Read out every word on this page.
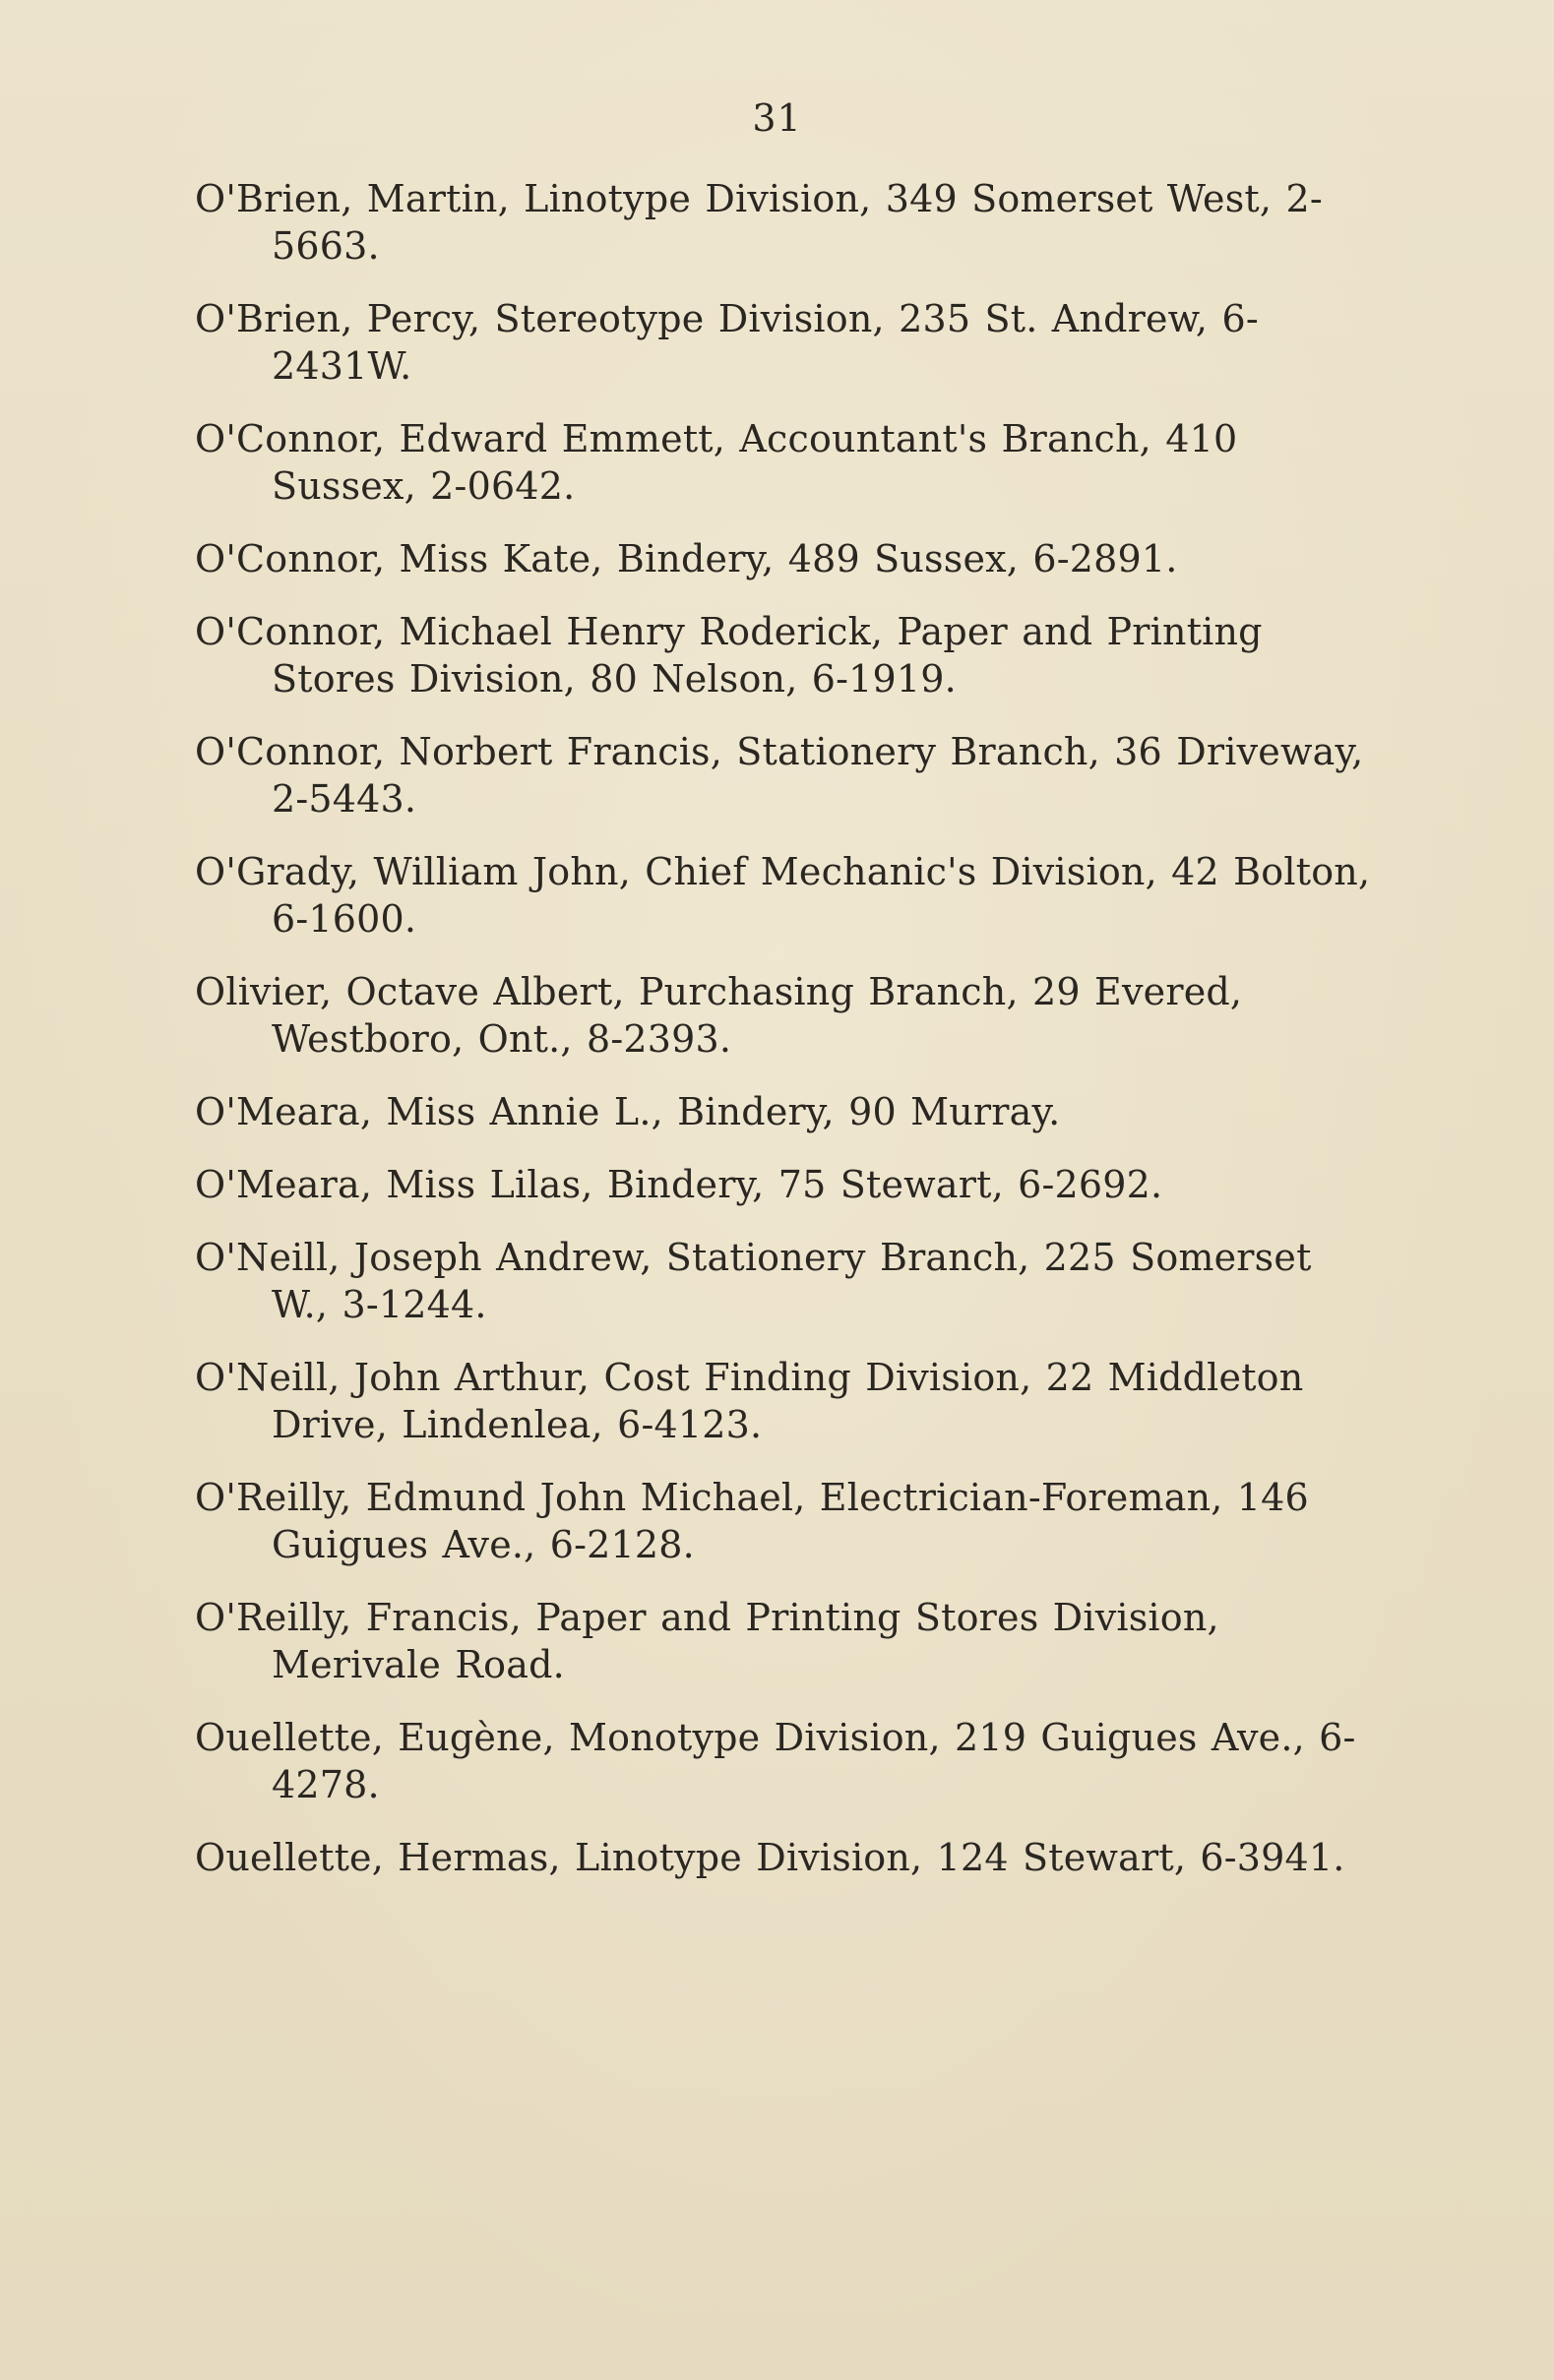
31

O'Brien, Martin, Linotype Division, 349 Somerset West, 2-5663.

O'Brien, Percy, Stereotype Division, 235 St. Andrew, 6-2431W.

O'Connor, Edward Emmett, Accountant's Branch, 410 Sussex, 2-0642.

O'Connor, Miss Kate, Bindery, 489 Sussex, 6-2891.

O'Connor, Michael Henry Roderick, Paper and Printing Stores Division, 80 Nelson, 6-1919.

O'Connor, Norbert Francis, Stationery Branch, 36 Driveway, 2-5443.

O'Grady, William John, Chief Mechanic's Division, 42 Bolton, 6-1600.

Olivier, Octave Albert, Purchasing Branch, 29 Evered, Westboro, Ont., 8-2393.

O'Meara, Miss Annie L., Bindery, 90 Murray.

O'Meara, Miss Lilas, Bindery, 75 Stewart, 6-2692.

O'Neill, Joseph Andrew, Stationery Branch, 225 Somerset W., 3-1244.

O'Neill, John Arthur, Cost Finding Division, 22 Middleton Drive, Lindenlea, 6-4123.

O'Reilly, Edmund John Michael, Electrician-Foreman, 146 Guigues Ave., 6-2128.

O'Reilly, Francis, Paper and Printing Stores Division, Merivale Road.

Ouellette, Eugène, Monotype Division, 219 Guigues Ave., 6-4278.

Ouellette, Hermas, Linotype Division, 124 Stewart, 6-3941.
